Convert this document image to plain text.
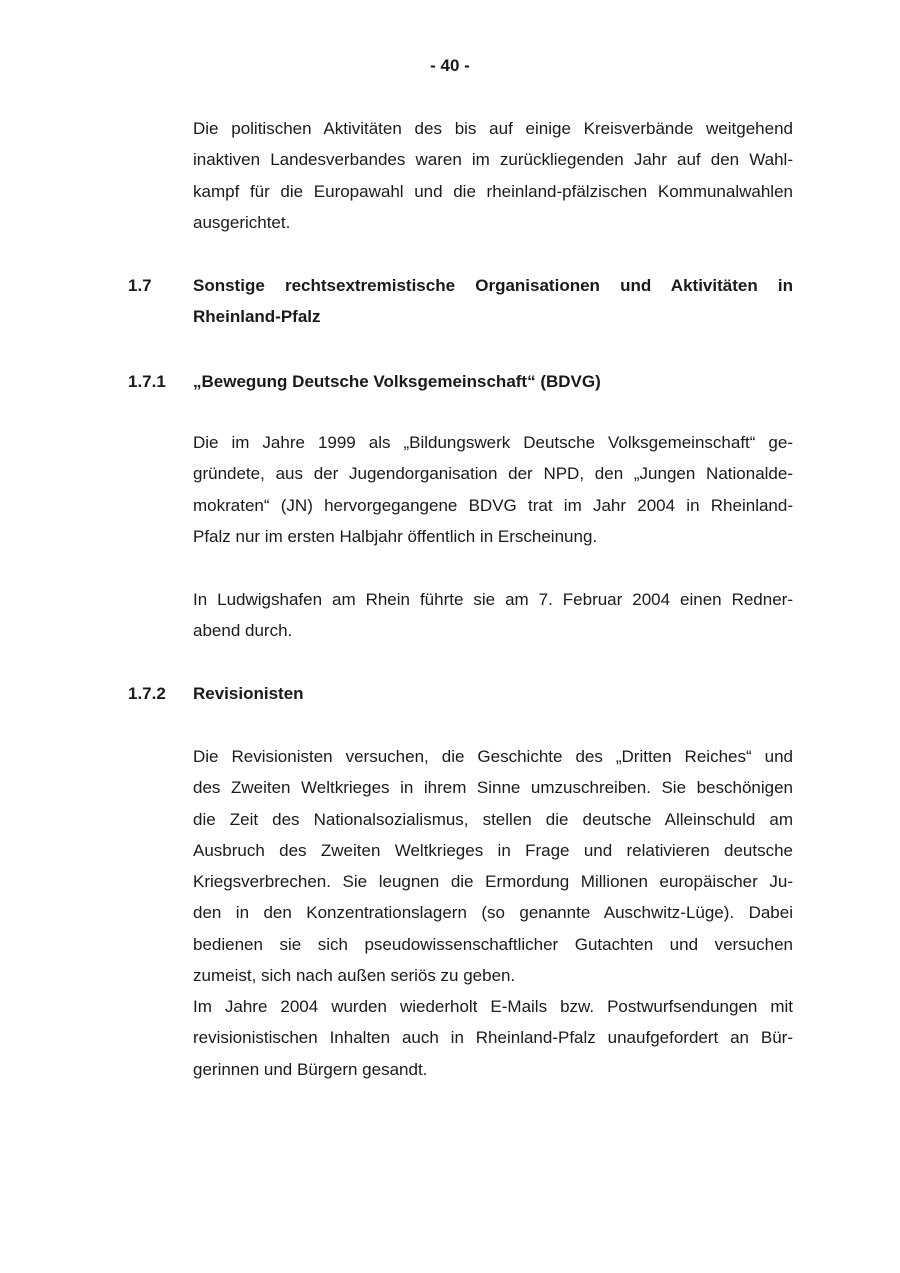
- 40 -
Die politischen Aktivitäten des bis auf einige Kreisverbände weitgehend
inaktiven Landesverbandes waren im zurückliegenden Jahr auf den Wahl-
kampf für die Europawahl und die rheinland-pfälzischen Kommunalwahlen
ausgerichtet.
1.7 Sonstige rechtsextremistische Organisationen und Aktivitäten in
Rheinland-Pfalz
1.7.1 „Bewegung Deutsche Volksgemeinschaft“ (BDVG)
Die im Jahre 1999 als „Bildungswerk Deutsche Volksgemeinschaft“ ge-
gründete, aus der Jugendorganisation der NPD, den „Jungen Nationalde-
mokraten“ (JN) hervorgegangene BDVG trat im Jahr 2004 in Rheinland-
Pfalz nur im ersten Halbjahr öffentlich in Erscheinung.
In Ludwigshafen am Rhein führte sie am 7. Februar 2004 einen Redner-
abend durch.
1.7.2 Revisionisten
Die Revisionisten versuchen, die Geschichte des „Dritten Reiches“ und
des Zweiten Weltkrieges in ihrem Sinne umzuschreiben. Sie beschönigen
die Zeit des Nationalsozialismus, stellen die deutsche Alleinschuld am
Ausbruch des Zweiten Weltkrieges in Frage und relativieren deutsche
Kriegsverbrechen. Sie leugnen die Ermordung Millionen europäischer Ju-
den in den Konzentrationslagern (so genannte Auschwitz-Lüge). Dabei
bedienen sie sich pseudowissenschaftlicher Gutachten und versuchen
zumeist, sich nach außen seriös zu geben.
Im Jahre 2004 wurden wiederholt E-Mails bzw. Postwurfsendungen mit
revisionistischen Inhalten auch in Rheinland-Pfalz unaufgefordert an Bür-
gerinnen und Bürgern gesandt.
